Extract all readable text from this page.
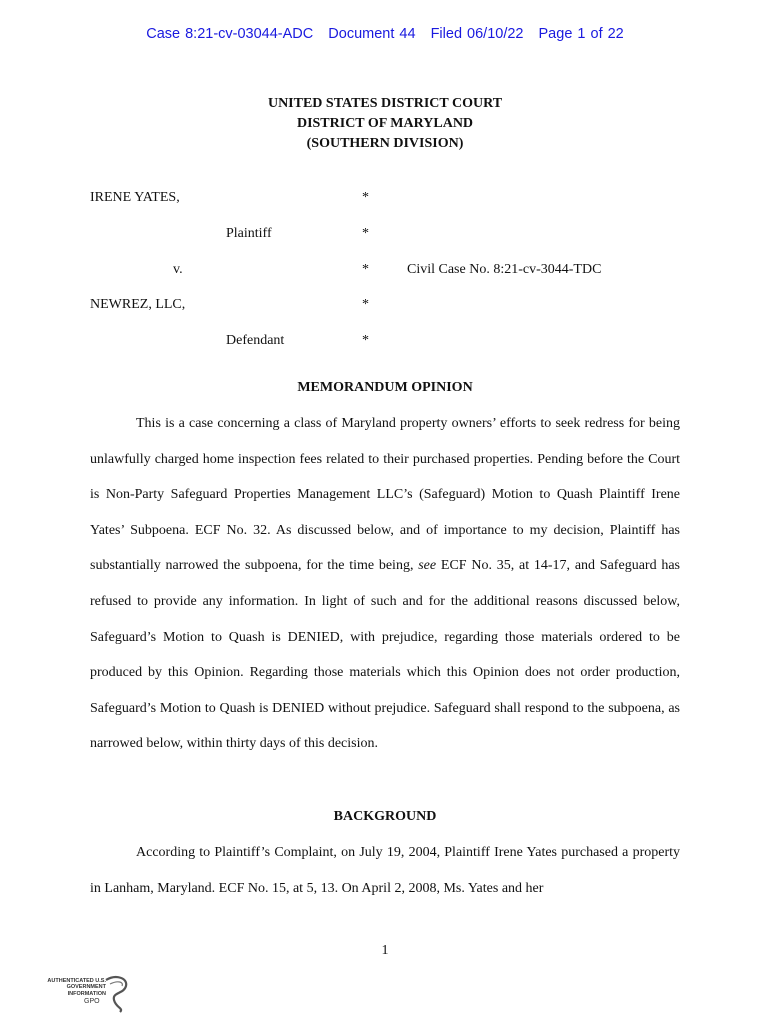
Case 8:21-cv-03044-ADC Document 44 Filed 06/10/22 Page 1 of 22
UNITED STATES DISTRICT COURT
DISTRICT OF MARYLAND
(SOUTHERN DIVISION)
IRENE YATES,	*
Plaintiff	*
v.	*	Civil Case No. 8:21-cv-3044-TDC
NEWREZ, LLC,	*
Defendant	*
MEMORANDUM OPINION

This is a case concerning a class of Maryland property owners’ efforts to seek redress for being unlawfully charged home inspection fees related to their purchased properties. Pending before the Court is Non-Party Safeguard Properties Management LLC’s (Safeguard) Motion to Quash Plaintiff Irene Yates’ Subpoena. ECF No. 32. As discussed below, and of importance to my decision, Plaintiff has substantially narrowed the subpoena, for the time being, see ECF No. 35, at 14-17, and Safeguard has refused to provide any information. In light of such and for the additional reasons discussed below, Safeguard’s Motion to Quash is DENIED, with prejudice, regarding those materials ordered to be produced by this Opinion. Regarding those materials which this Opinion does not order production, Safeguard’s Motion to Quash is DENIED without prejudice. Safeguard shall respond to the subpoena, as narrowed below, within thirty days of this decision.

BACKGROUND

According to Plaintiff’s Complaint, on July 19, 2004, Plaintiff Irene Yates purchased a property in Lanham, Maryland. ECF No. 15, at 5, 13. On April 2, 2008, Ms. Yates and her

1
AUTHENTICATED U.S. GOVERNMENT INFORMATION
GPO
